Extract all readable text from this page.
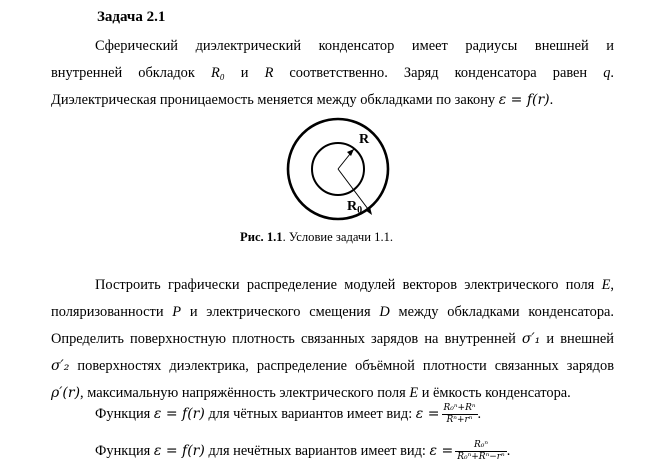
Задача 2.1
Сферический диэлектрический конденсатор имеет радиусы внешней и
внутренней обкладок R₀ и R соответственно. Заряд конденсатора равен q.
Диэлектрическая проницаемость меняется между обкладками по закону ε = f(r).
R
$R_0$
Рис. 1.1. Условие задачи 1.1.
Построить графически распределение модулей векторов электрического поля E,
поляризованности P и электрического смещения D между обкладками конденсатора.
Определить поверхностную плотность связанных зарядов на внутренней σ′₁ и внешней
σ′₂ поверхностях диэлектрика, распределение объёмной плотности связанных зарядов
ρ′(r), максимальную напряжённость электрического поля E и ёмкость конденсатора.
Функция ε = f(r) для чётных вариантов имеет вид: $\varepsilon = \frac{\text{R₀ⁿ+Rⁿ}}{\text{Rⁿ+rⁿ}}$ .
Функция ε = f(r) для нечётных вариантов имеет вид: $\varepsilon = \frac{\text{R₀ⁿ}}{\text{R₀ⁿ+Rⁿ−rⁿ}}$ .
